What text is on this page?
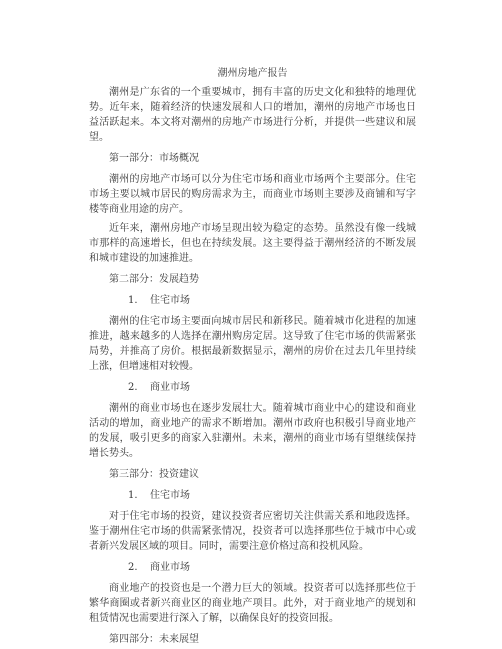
潮州房地产报告

潮州是广东省的一个重要城市，拥有丰富的历史文化和独特的地理优势。近年来，随着经济的快速发展和人口的增加，潮州的房地产市场也日益活跃起来。本文将对潮州的房地产市场进行分析，并提供一些建议和展望。

第一部分：市场概况

潮州的房地产市场可以分为住宅市场和商业市场两个主要部分。住宅市场主要以城市居民的购房需求为主，而商业市场则主要涉及商铺和写字楼等商业用途的房产。

近年来，潮州房地产市场呈现出较为稳定的态势。虽然没有像一线城市那样的高速增长，但也在持续发展。这主要得益于潮州经济的不断发展和城市建设的加速推进。

第二部分：发展趋势
1. 住宅市场

潮州的住宅市场主要面向城市居民和新移民。随着城市化进程的加速推进，越来越多的人选择在潮州购房定居。这导致了住宅市场的供需紧张局势，并推高了房价。根据最新数据显示，潮州的房价在过去几年里持续上涨，但增速相对较慢。

2. 商业市场

潮州的商业市场也在逐步发展壮大。随着城市商业中心的建设和商业活动的增加，商业地产的需求不断增加。潮州市政府也积极引导商业地产的发展，吸引更多的商家入驻潮州。未来，潮州的商业市场有望继续保持增长势头。

第三部分：投资建议
1. 住宅市场

对于住宅市场的投资，建议投资者应密切关注供需关系和地段选择。鉴于潮州住宅市场的供需紧张情况，投资者可以选择那些位于城市中心或者新兴发展区域的项目。同时，需要注意价格过高和投机风险。

2. 商业市场

商业地产的投资也是一个潜力巨大的领域。投资者可以选择那些位于繁华商圈或者新兴商业区的商业地产项目。此外，对于商业地产的规划和租赁情况也需要进行深入了解，以确保良好的投资回报。

第四部分：未来展望
